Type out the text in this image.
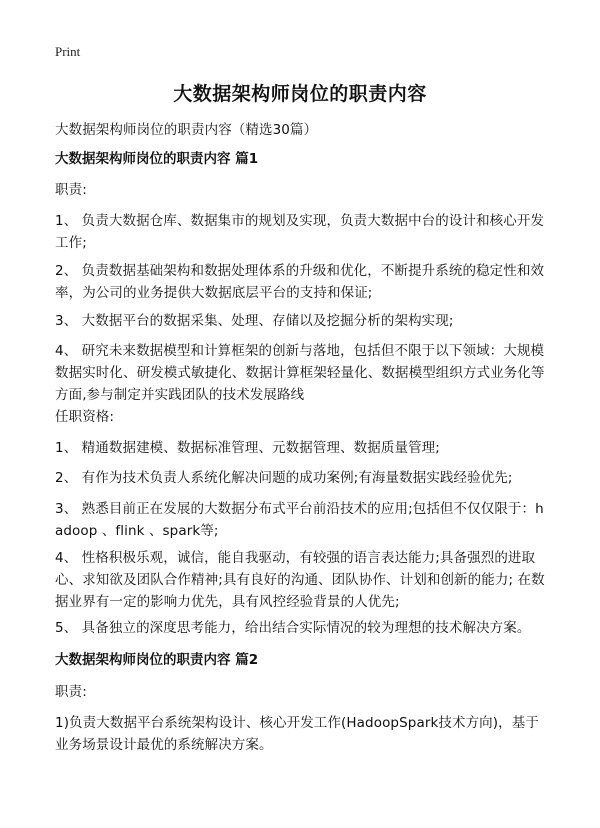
Print
大数据架构师岗位的职责内容
大数据架构师岗位的职责内容（精选30篇）
大数据架构师岗位的职责内容 篇1
职责:
1、 负责大数据仓库、数据集市的规划及实现，负责大数据中台的设计和核心开发工作;
2、 负责数据基础架构和数据处理体系的升级和优化，不断提升系统的稳定性和效率，为公司的业务提供大数据底层平台的支持和保证;
3、 大数据平台的数据采集、处理、存储以及挖掘分析的架构实现;
4、 研究未来数据模型和计算框架的创新与落地，包括但不限于以下领域：大规模数据实时化、研发模式敏捷化、数据计算框架轻量化、数据模型组织方式业务化等方面,参与制定并实践团队的技术发展路线
任职资格:
1、 精通数据建模、数据标准管理、元数据管理、数据质量管理;
2、 有作为技术负责人系统化解决问题的成功案例;有海量数据实践经验优先;
3、 熟悉目前正在发展的大数据分布式平台前沿技术的应用;包括但不仅仅限于：hadoop 、flink 、spark等;
4、 性格积极乐观，诚信，能自我驱动，有较强的语言表达能力;具备强烈的进取心、求知欲及团队合作精神;具有良好的沟通、团队协作、计划和创新的能力; 在数据业界有一定的影响力优先，具有风控经验背景的人优先;
5、 具备独立的深度思考能力，给出结合实际情况的较为理想的技术解决方案。
大数据架构师岗位的职责内容 篇2
职责:
1)负责大数据平台系统架构设计、核心开发工作(HadoopSpark技术方向)，基于业务场景设计最优的系统解决方案。
